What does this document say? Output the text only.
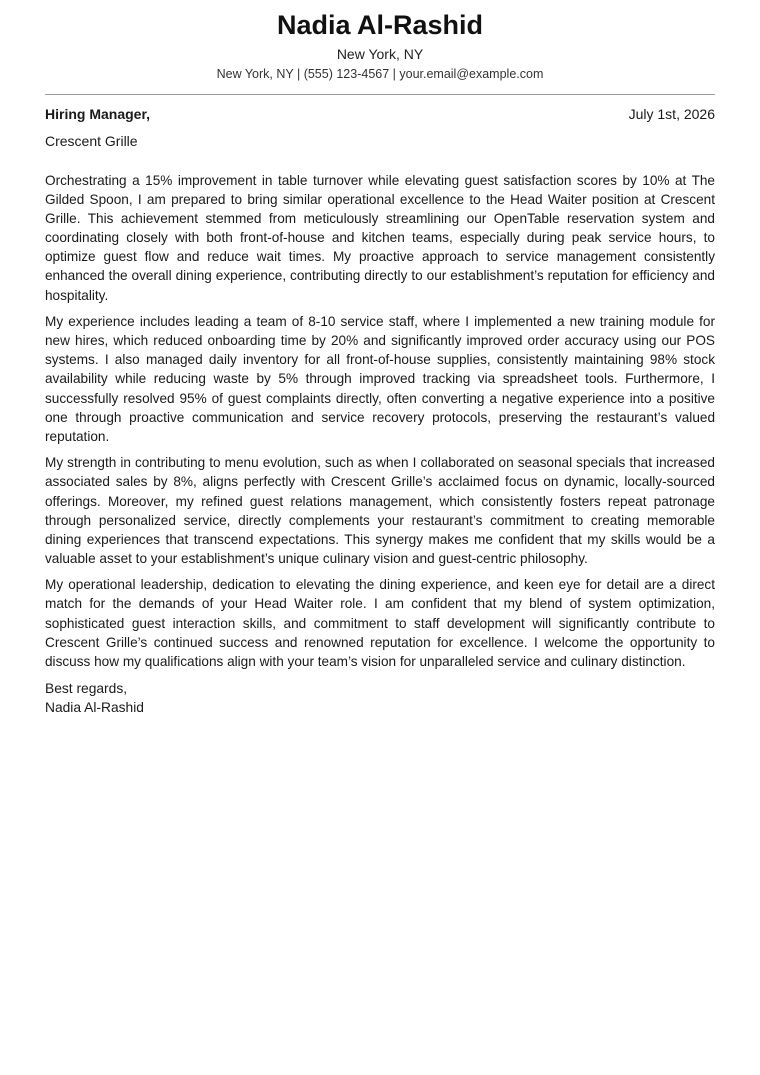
Nadia Al-Rashid
New York, NY
New York, NY | (555) 123-4567 | your.email@example.com
Hiring Manager,	July 1st, 2026
Crescent Grille

Orchestrating a 15% improvement in table turnover while elevating guest satisfaction scores by 10% at The Gilded Spoon, I am prepared to bring similar operational excellence to the Head Waiter position at Crescent Grille. This achievement stemmed from meticulously streamlining our OpenTable reservation system and coordinating closely with both front-of-house and kitchen teams, especially during peak service hours, to optimize guest flow and reduce wait times. My proactive approach to service management consistently enhanced the overall dining experience, contributing directly to our establishment’s reputation for efficiency and hospitality.

My experience includes leading a team of 8-10 service staff, where I implemented a new training module for new hires, which reduced onboarding time by 20% and significantly improved order accuracy using our POS systems. I also managed daily inventory for all front-of-house supplies, consistently maintaining 98% stock availability while reducing waste by 5% through improved tracking via spreadsheet tools. Furthermore, I successfully resolved 95% of guest complaints directly, often converting a negative experience into a positive one through proactive communication and service recovery protocols, preserving the restaurant’s valued reputation.

My strength in contributing to menu evolution, such as when I collaborated on seasonal specials that increased associated sales by 8%, aligns perfectly with Crescent Grille’s acclaimed focus on dynamic, locally-sourced offerings. Moreover, my refined guest relations management, which consistently fosters repeat patronage through personalized service, directly complements your restaurant’s commitment to creating memorable dining experiences that transcend expectations. This synergy makes me confident that my skills would be a valuable asset to your establishment’s unique culinary vision and guest-centric philosophy.

My operational leadership, dedication to elevating the dining experience, and keen eye for detail are a direct match for the demands of your Head Waiter role. I am confident that my blend of system optimization, sophisticated guest interaction skills, and commitment to staff development will significantly contribute to Crescent Grille’s continued success and renowned reputation for excellence. I welcome the opportunity to discuss how my qualifications align with your team’s vision for unparalleled service and culinary distinction.

Best regards,
Nadia Al-Rashid
